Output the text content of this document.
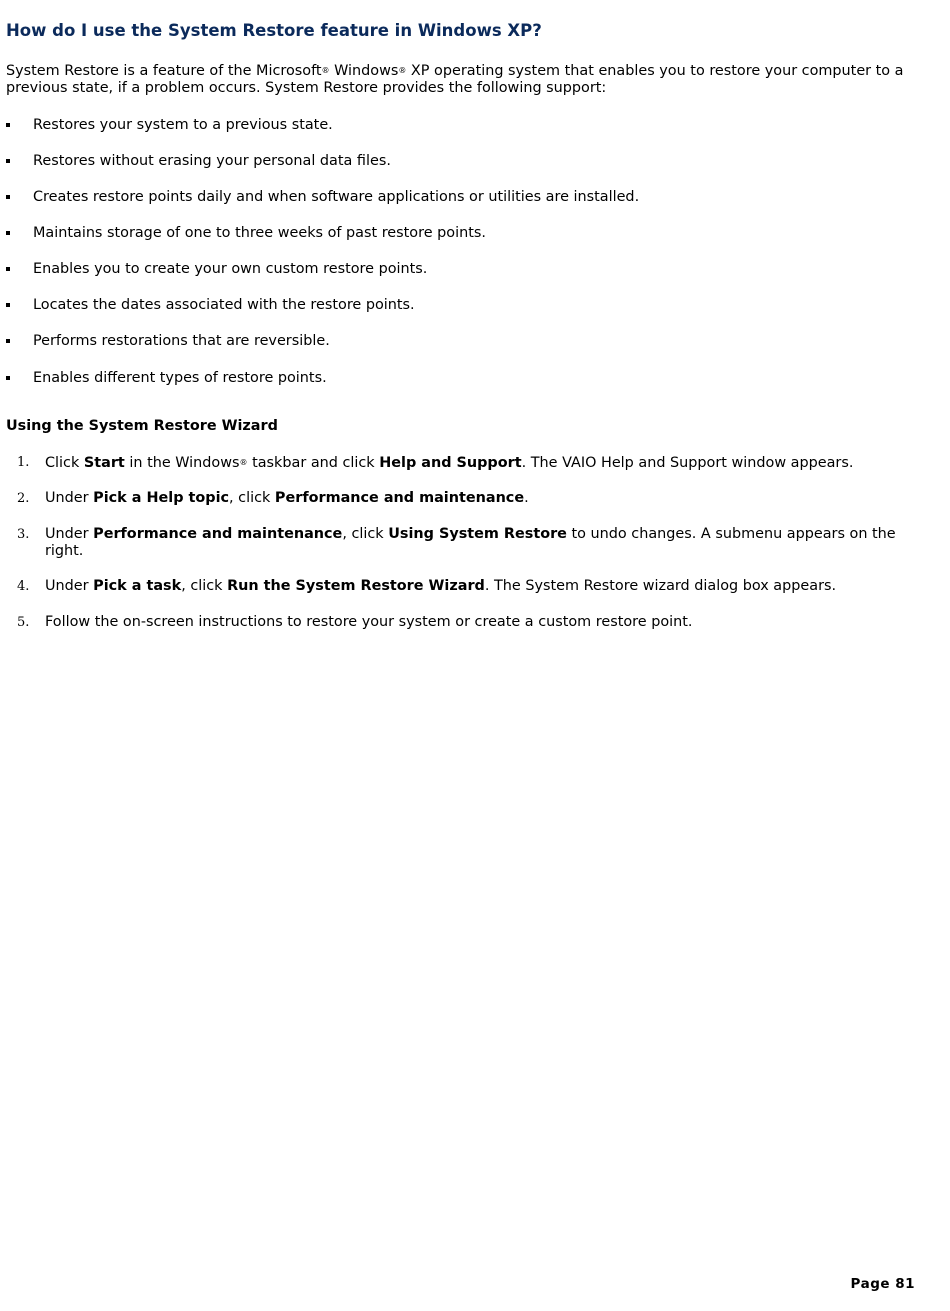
How do I use the System Restore feature in Windows XP?

System Restore is a feature of the Microsoft® Windows® XP operating system that enables you to restore your computer to a previous state, if a problem occurs. System Restore provides the following support:

Restores your system to a previous state.
Restores without erasing your personal data files.
Creates restore points daily and when software applications or utilities are installed.
Maintains storage of one to three weeks of past restore points.
Enables you to create your own custom restore points.
Locates the dates associated with the restore points.
Performs restorations that are reversible.
Enables different types of restore points.
Using the System Restore Wizard
1. Click Start in the Windows® taskbar and click Help and Support. The VAIO Help and Support window appears.
2. Under Pick a Help topic, click Performance and maintenance.
3. Under Performance and maintenance, click Using System Restore to undo changes. A submenu appears on the right.
4. Under Pick a task, click Run the System Restore Wizard. The System Restore wizard dialog box appears.
5. Follow the on-screen instructions to restore your system or create a custom restore point.
Page 81
